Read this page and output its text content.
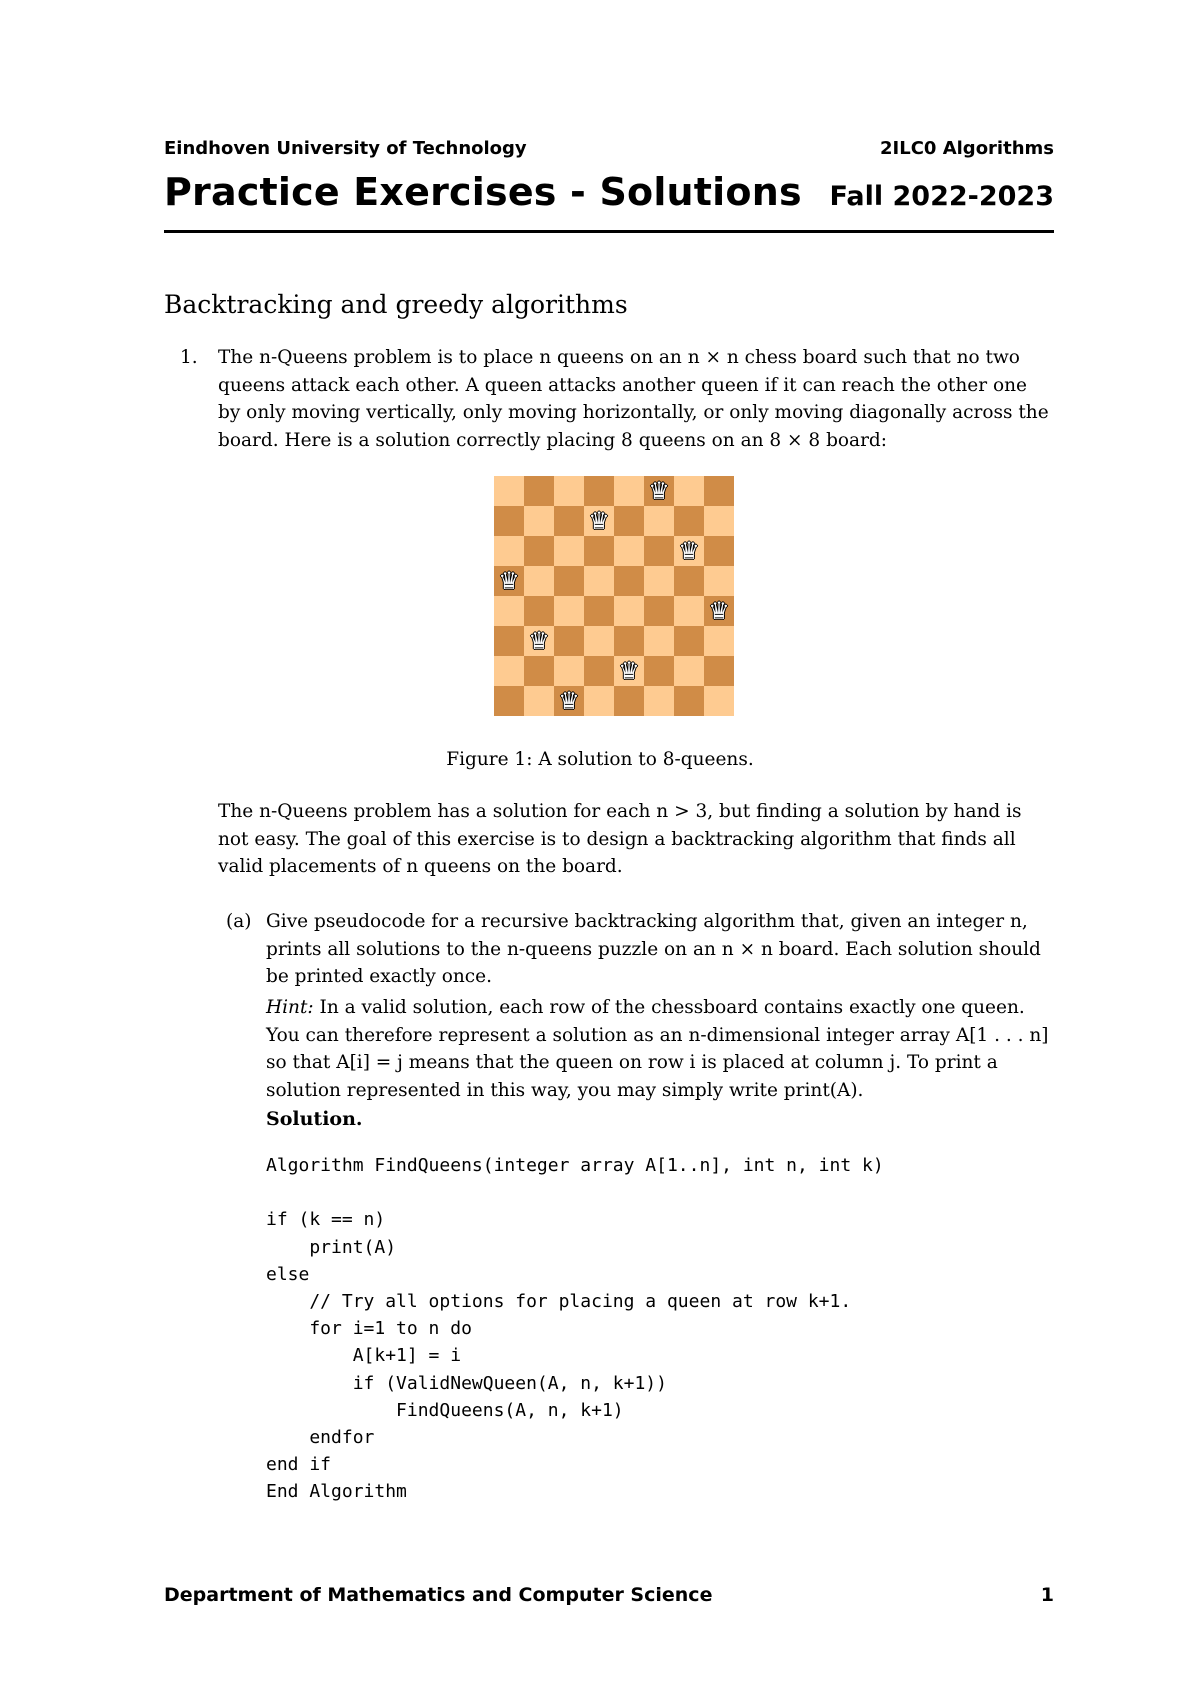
Eindhoven University of Technology	2ILC0 Algorithms
Practice Exercises - Solutions Fall 2022-2023
Backtracking and greedy algorithms
1. The n-Queens problem is to place n queens on an n × n chess board such that no two queens attack each other. A queen attacks another queen if it can reach the other one by only moving vertically, only moving horizontally, or only moving diagonally across the board. Here is a solution correctly placing 8 queens on an 8 × 8 board:
♛
♛
♛
♛
♛
♛
♛
♛
Figure 1: A solution to 8-queens.
The n-Queens problem has a solution for each n > 3, but finding a solution by hand is not easy. The goal of this exercise is to design a backtracking algorithm that finds all valid placements of n queens on the board.
(a) Give pseudocode for a recursive backtracking algorithm that, given an integer n, prints all solutions to the n-queens puzzle on an n × n board. Each solution should be printed exactly once.
Hint: In a valid solution, each row of the chessboard contains exactly one queen. You can therefore represent a solution as an n-dimensional integer array A[1 . . . n] so that A[i] = j means that the queen on row i is placed at column j. To print a solution represented in this way, you may simply write print(A).
Solution.
Algorithm FindQueens(integer array A[1..n], int n, int k)

if (k == n)
print(A)
else
// Try all options for placing a queen at row k+1.
for i=1 to n do
A[k+1] = i
if (ValidNewQueen(A, n, k+1))
FindQueens(A, n, k+1)
endfor
end if
End Algorithm
Department of Mathematics and Computer Science	1
